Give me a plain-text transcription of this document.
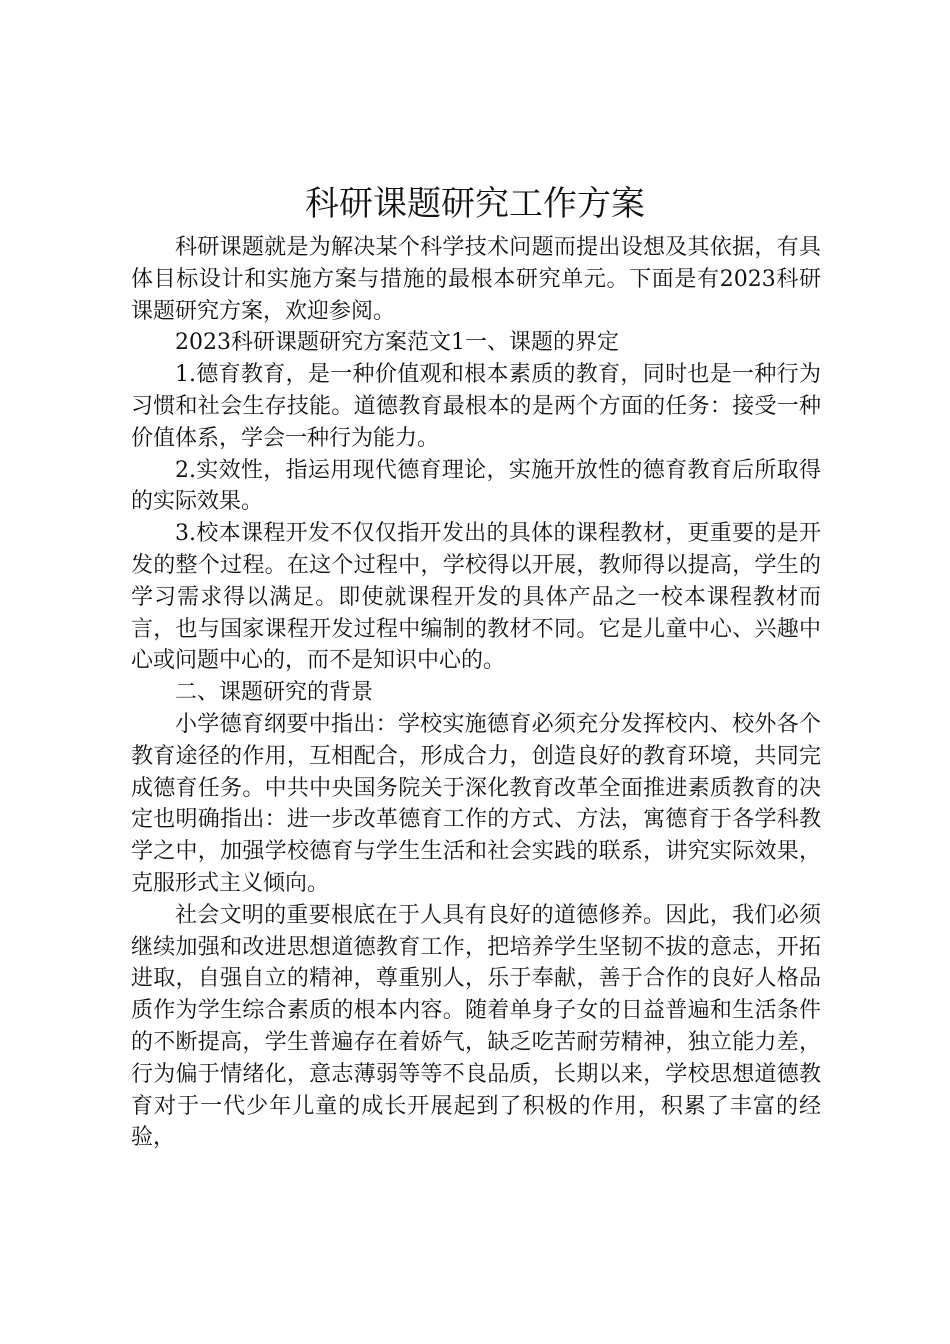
科研课题研究工作方案

科研课题就是为解决某个科学技术问题而提出设想及其依据，有具体目标设计和实施方案与措施的最根本研究单元。下面是有2023科研课题研究方案，欢迎参阅。

2023科研课题研究方案范文1一、课题的界定

1.德育教育，是一种价值观和根本素质的教育，同时也是一种行为习惯和社会生存技能。道德教育最根本的是两个方面的任务：接受一种价值体系，学会一种行为能力。

2.实效性，指运用现代德育理论，实施开放性的德育教育后所取得的实际效果。

3.校本课程开发不仅仅指开发出的具体的课程教材，更重要的是开发的整个过程。在这个过程中，学校得以开展，教师得以提高，学生的学习需求得以满足。即使就课程开发的具体产品之一校本课程教材而言，也与国家课程开发过程中编制的教材不同。它是儿童中心、兴趣中心或问题中心的，而不是知识中心的。

二、课题研究的背景

小学德育纲要中指出：学校实施德育必须充分发挥校内、校外各个教育途径的作用，互相配合，形成合力，创造良好的教育环境，共同完成德育任务。中共中央国务院关于深化教育改革全面推进素质教育的决定也明确指出：进一步改革德育工作的方式、方法，寓德育于各学科教学之中，加强学校德育与学生生活和社会实践的联系，讲究实际效果，克服形式主义倾向。

社会文明的重要根底在于人具有良好的道德修养。因此，我们必须继续加强和改进思想道德教育工作，把培养学生坚韧不拔的意志，开拓进取，自强自立的精神，尊重别人，乐于奉献，善于合作的良好人格品质作为学生综合素质的根本内容。随着单身子女的日益普遍和生活条件的不断提高，学生普遍存在着娇气，缺乏吃苦耐劳精神，独立能力差，行为偏于情绪化，意志薄弱等等不良品质，长期以来，学校思想道德教育对于一代少年儿童的成长开展起到了积极的作用，积累了丰富的经验，
